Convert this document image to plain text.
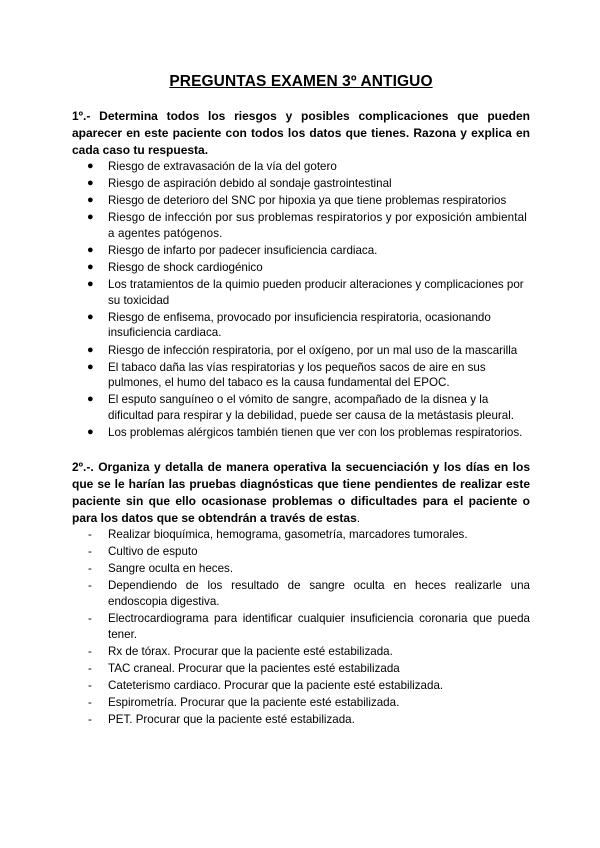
PREGUNTAS EXAMEN 3º ANTIGUO

1º.- Determina todos los riesgos y posibles complicaciones que pueden aparecer en este paciente con todos los datos que tienes. Razona y explica en cada caso tu respuesta.

● Riesgo de extravasación de la vía del gotero
● Riesgo de aspiración debido al sondaje gastrointestinal
● Riesgo de deterioro del SNC por hipoxia ya que tiene problemas respiratorios
● Riesgo de infección por sus problemas respiratorios y por exposición ambiental a agentes patógenos.
● Riesgo de infarto por padecer insuficiencia cardiaca.
● Riesgo de shock cardiogénico
● Los tratamientos de la quimio pueden producir alteraciones y complicaciones por su toxicidad
● Riesgo de enfisema, provocado por insuficiencia respiratoria, ocasionando insuficiencia cardiaca.
● Riesgo de infección respiratoria, por el oxígeno, por un mal uso de la mascarilla
● El tabaco daña las vías respiratorias y los pequeños sacos de aire en sus pulmones, el humo del tabaco es la causa fundamental del EPOC.
● El esputo sanguíneo o el vómito de sangre, acompañado de la disnea y la dificultad para respirar y la debilidad, puede ser causa de la metástasis pleural.
● Los problemas alérgicos también tienen que ver con los problemas respiratorios.

2º.-. Organiza y detalla de manera operativa la secuenciación y los días en los que se le harían las pruebas diagnósticas que tiene pendientes de realizar este paciente sin que ello ocasionase problemas o dificultades para el paciente o para los datos que se obtendrán a través de estas.

- Realizar bioquímica, hemograma, gasometría, marcadores tumorales.
- Cultivo de esputo
- Sangre oculta en heces.
- Dependiendo de los resultado de sangre oculta en heces realizarle una endoscopia digestiva.
- Electrocardiograma para identificar cualquier insuficiencia coronaria que pueda tener.
- Rx de tórax. Procurar que la paciente esté estabilizada.
- TAC craneal. Procurar que la pacientes esté estabilizada
- Cateterismo cardiaco. Procurar que la paciente esté estabilizada.
- Espirometría. Procurar que la paciente esté estabilizada.
- PET. Procurar que la paciente esté estabilizada.
